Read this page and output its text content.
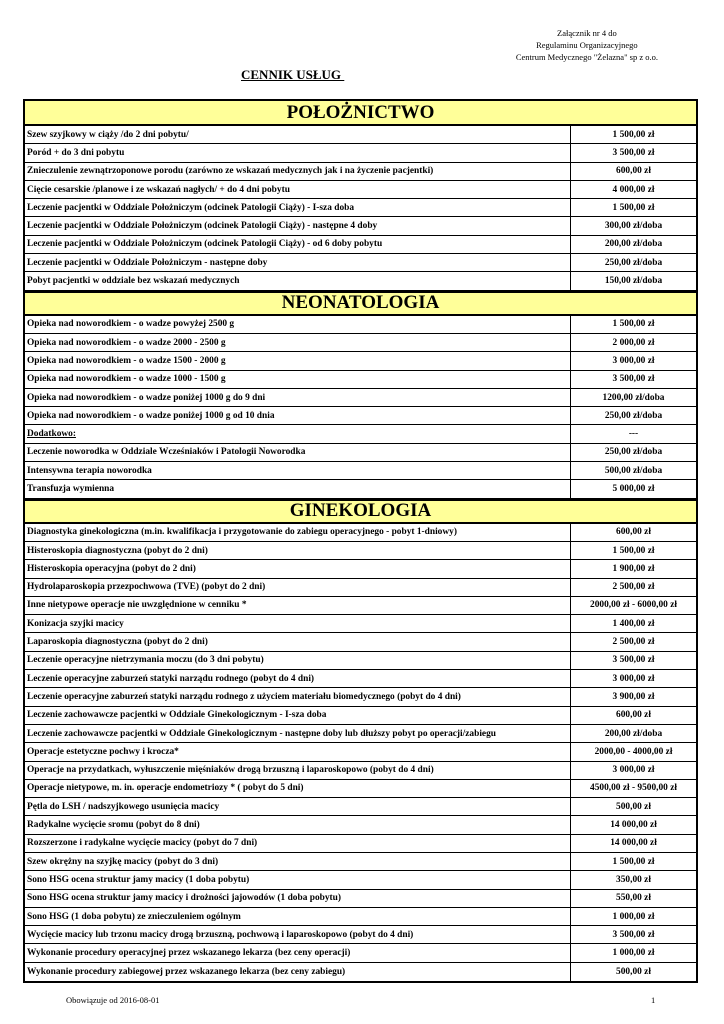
Załącznik nr 4 do
Regulaminu Organizacyjnego
Centrum Medycznego "Żelazna" sp z o.o.
CENNIK USŁUG
POŁOŻNICTWO
Szew szyjkowy w ciąży /do 2 dni pobytu/	1 500,00 zł
Poród + do 3 dni pobytu	3 500,00 zł
Znieczulenie zewnątrzoponowe porodu (zarówno ze wskazań medycznych jak i na życzenie pacjentki)	600,00 zł
Cięcie cesarskie /planowe i ze wskazań nagłych/ + do 4 dni pobytu	4 000,00 zł
Leczenie pacjentki w Oddziale Położniczym (odcinek Patologii Ciąży) - I-sza doba	1 500,00 zł
Leczenie pacjentki w Oddziale Położniczym (odcinek Patologii Ciąży) - następne 4 doby	300,00 zł/doba
Leczenie pacjentki w Oddziale Położniczym (odcinek Patologii Ciąży) - od 6 doby pobytu	200,00 zł/doba
Leczenie pacjentki w Oddziale Położniczym - następne doby	250,00 zł/doba
Pobyt pacjentki w oddziale bez wskazań medycznych	150,00 zł/doba
NEONATOLOGIA
Opieka nad noworodkiem - o wadze powyżej 2500 g	1 500,00 zł
Opieka nad noworodkiem - o wadze 2000 - 2500 g	2 000,00 zł
Opieka nad noworodkiem - o wadze 1500 - 2000 g	3 000,00 zł
Opieka nad noworodkiem - o wadze 1000 - 1500 g	3 500,00 zł
Opieka nad noworodkiem - o wadze poniżej 1000 g do 9 dni	1200,00 zł/doba
Opieka nad noworodkiem - o wadze poniżej 1000 g od 10 dnia	250,00 zł/doba
Dodatkowo:	---
Leczenie noworodka w Oddziale Wcześniaków i Patologii Noworodka	250,00 zł/doba
Intensywna terapia noworodka	500,00 zł/doba
Transfuzja wymienna	5 000,00 zł
GINEKOLOGIA
Diagnostyka ginekologiczna (m.in. kwalifikacja i przygotowanie do zabiegu operacyjnego - pobyt 1-dniowy)	600,00 zł
Histeroskopia diagnostyczna (pobyt do 2 dni)	1 500,00 zł
Histeroskopia operacyjna (pobyt do 2 dni)	1 900,00 zł
Hydrolaparoskopia przezpochwowa (TVE) (pobyt do 2 dni)	2 500,00 zł
Inne nietypowe operacje nie uwzględnione w cenniku *	2000,00 zł - 6000,00 zł
Konizacja szyjki macicy	1 400,00 zł
Laparoskopia diagnostyczna (pobyt do 2 dni)	2 500,00 zł
Leczenie operacyjne nietrzymania moczu (do 3 dni pobytu)	3 500,00 zł
Leczenie operacyjne zaburzeń statyki narządu rodnego (pobyt do 4 dni)	3 000,00 zł
Leczenie operacyjne zaburzeń statyki narządu rodnego z użyciem materiału biomedycznego (pobyt do 4 dni)	3 900,00 zł
Leczenie zachowawcze pacjentki w Oddziale Ginekologicznym - I-sza doba	600,00 zł
Leczenie zachowawcze pacjentki w Oddziale Ginekologicznym - następne doby lub dłuższy pobyt po operacji/zabiegu	200,00 zł/doba
Operacje estetyczne pochwy i krocza*	2000,00 - 4000,00 zł
Operacje na przydatkach, wyłuszczenie mięśniaków drogą brzuszną i laparoskopowo (pobyt do 4 dni)	3 000,00 zł
Operacje nietypowe, m. in. operacje endometriozy * ( pobyt do 5 dni)	4500,00 zł - 9500,00 zł
Pętla do LSH / nadszyjkowego usunięcia macicy	500,00 zł
Radykalne wycięcie sromu (pobyt do 8 dni)	14 000,00 zł
Rozszerzone i radykalne wycięcie macicy (pobyt do 7 dni)	14 000,00 zł
Szew okrężny na szyjkę macicy (pobyt do 3 dni)	1 500,00 zł
Sono HSG ocena struktur jamy macicy (1 doba pobytu)	350,00 zł
Sono HSG ocena struktur jamy macicy i drożności jajowodów (1 doba pobytu)	550,00 zł
Sono HSG (1 doba pobytu) ze znieczuleniem ogólnym	1 000,00 zł
Wycięcie macicy lub trzonu macicy drogą brzuszną, pochwową i laparoskopowo (pobyt do 4 dni)	3 500,00 zł
Wykonanie procedury operacyjnej przez wskazanego lekarza (bez ceny operacji)	1 000,00 zł
Wykonanie procedury zabiegowej przez wskazanego lekarza (bez ceny zabiegu)	500,00 zł
Obowiązuje od 2016-08-01	1
